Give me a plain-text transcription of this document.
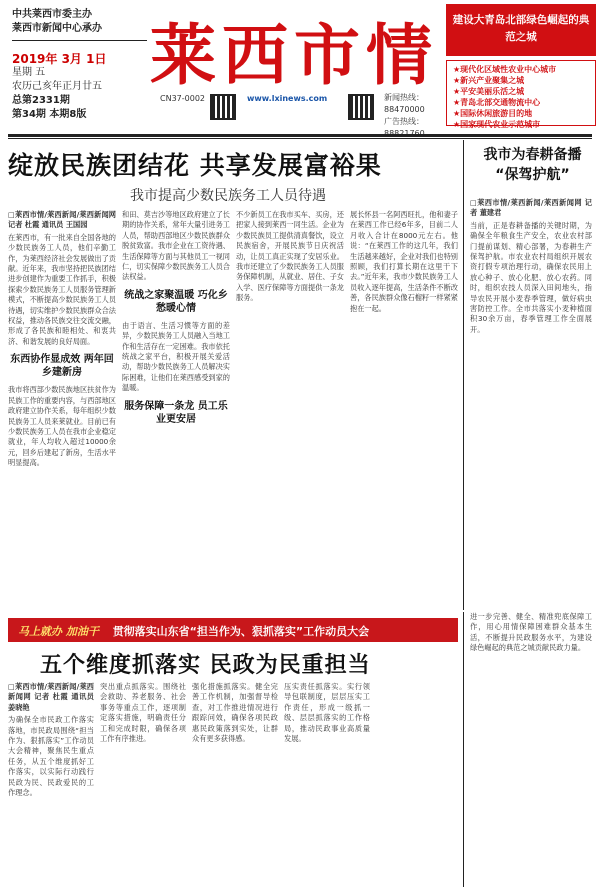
中共莱西市委主办
莱西市新闻中心承办
2019年 3月 1日
星期 五
农历己亥年正月廿五
总第2331期
第34期 本期8版
莱西市情
CN37-0002	www.lxinews.com	新闻热线：88470000
广告热线：
建设大青岛北部绿色崛起的典范之城
★现代化区域性农业中心城市
★新兴产业聚集之城
★平安美丽乐活之城
★青岛北部交通物流中心
★国际休闲旅游目的地
★国家现代农业示范城市
绽放民族团结花 共享发展富裕果
我市提高少数民族务工人员待遇

□莱西市情/莱西新闻/莱西新闻网 记者 杜霞 通讯员 王国园

在莱西市，有一批来自全国各地的少数民族务工人员，他们辛勤工作，为莱西经济社会发展做出了贡献。近年来，我市坚持把民族团结进步创建作为重要工作抓手，积极探索少数民族务工人员服务管理新模式，不断提高少数民族务工人员待遇，切实维护少数民族群众合法权益，推动各民族交往交流交融，形成了各民族和睦相处、和衷共济、和谐发展的良好局面。

东西协作显成效 两年回乡建新房

我市将西部少数民族地区扶贫作为民族工作的重要内容，与西部地区政府建立协作关系，每年组织少数民族务工人员来莱就业。目前已有少数民族务工人员在我市企业稳定就业，年人均收入超过10000余元，回乡后建起了新房，生活水平明显提高。

和田、莫吉沙等地区政府建立了长期的协作关系，常年大量引进务工人员，帮助西部地区少数民族群众脱贫致富。我市企业在工资待遇、生活保障等方面与其他员工一视同仁，切实保障少数民族务工人员合法权益。

统战之家聚温暖 巧化乡愁暖心情

由于语言、生活习惯等方面的差异，少数民族务工人员融入当地工作和生活存在一定困难。我市依托统战之家平台，积极开展关爱活动，帮助少数民族务工人员解决实际困难，让他们在莱西感受到家的温暖。

服务保障一条龙 员工乐业更安居

不少新员工在我市买车、买房，还把家人接到莱西一同生活。企业为少数民族员工提供清真餐饮，设立民族宿舍，开展民族节日庆祝活动，让员工真正实现了安居乐业。我市还建立了少数民族务工人员服务保障机制，从就业、居住、子女入学、医疗保障等方面提供一条龙服务。

展长怀县一名阿西旺扎，他和妻子在莱西工作已经6年多，目前二人月收入合计在8000元左右。他说：“在莱西工作的这几年，我们生活越来越好，企业对我们也特别照顾，我们打算长期在这里干下去。”近年来，我市少数民族务工人员收入逐年提高，生活条件不断改善，各民族群众像石榴籽一样紧紧抱在一起。

我市为春耕备播
“保驾护航”

□莱西市情/莱西新闻/莱西新闻网 记者 董建君

当前，正是春耕备播的关键时期，为确保全年粮食生产安全，农业农村部门提前谋划、精心部署，为春耕生产保驾护航。市农业农村局组织开展农资打假专项治理行动，确保农民用上放心种子、放心化肥、放心农药。同时，组织农技人员深入田间地头，指导农民开展小麦春季管理，做好病虫害防控工作。全市共落实小麦种植面积30余万亩，春季管理工作全面展开。

马上就办 加油干 贯彻落实山东省“担当作为、狠抓落实”工作动员大会
五个维度抓落实 民政为民重担当

□莱西市情/莱西新闻/莱西新闻网 记者 杜霞 通讯员 姜晓艳

为确保全市民政工作落实落地，市民政局围绕“担当作为、狠抓落实”工作动员大会精神，聚焦民生重点任务，从五个维度抓好工作落实，以实际行动践行民政为民、民政爱民的工作理念。

突出重点抓落实。围绕社会救助、养老服务、社会事务等重点工作，逐项制定落实措施，明确责任分工和完成时限，确保各项工作有序推进。

强化措施抓落实。健全完善工作机制，加强督导检查，对工作推进情况进行跟踪问效，确保各项民政惠民政策落到实处，让群众有更多获得感。

压实责任抓落实。实行领导包联制度，层层压实工作责任，形成一级抓一级、层层抓落实的工作格局，推动民政事业高质量发展。

进一步完善、健全、精准兜底保障工作，用心用情保障困难群众基本生活，不断提升民政服务水平，为建设绿色崛起的典范之城贡献民政力量。
